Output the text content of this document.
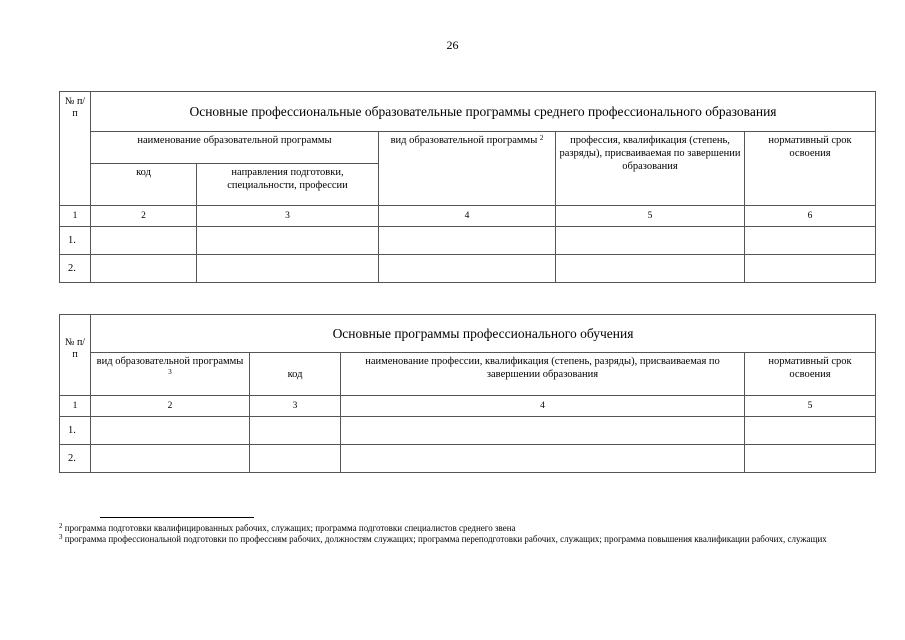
26
№ п/п	Основные профессиональные образовательные программы среднего профессионального образования				
	наименование образовательной программы		вид образовательной программы $^2$	профессия, квалификация (степень, разряды), присваиваемая по завершении образования	нормативный срок освоения
	код	направления подготовки, специальности, профессии			
1	2	3	4	5	6
1.					
2.					
№ п/п	Основные программы профессионального обучения			
	вид образовательной программы $^3$	код	наименование профессии, квалификация (степень, разряды), присваиваемая по завершении образования	нормативный срок освоения
1	2	3	4	5
1.				
2.				

$^2$ программа подготовки квалифицированных рабочих, служащих; программа подготовки специалистов среднего звена

$^3$ программа профессиональной подготовки по профессиям рабочих, должностям служащих; программа переподготовки рабочих, служащих; программа повышения квалификации рабочих, служащих
